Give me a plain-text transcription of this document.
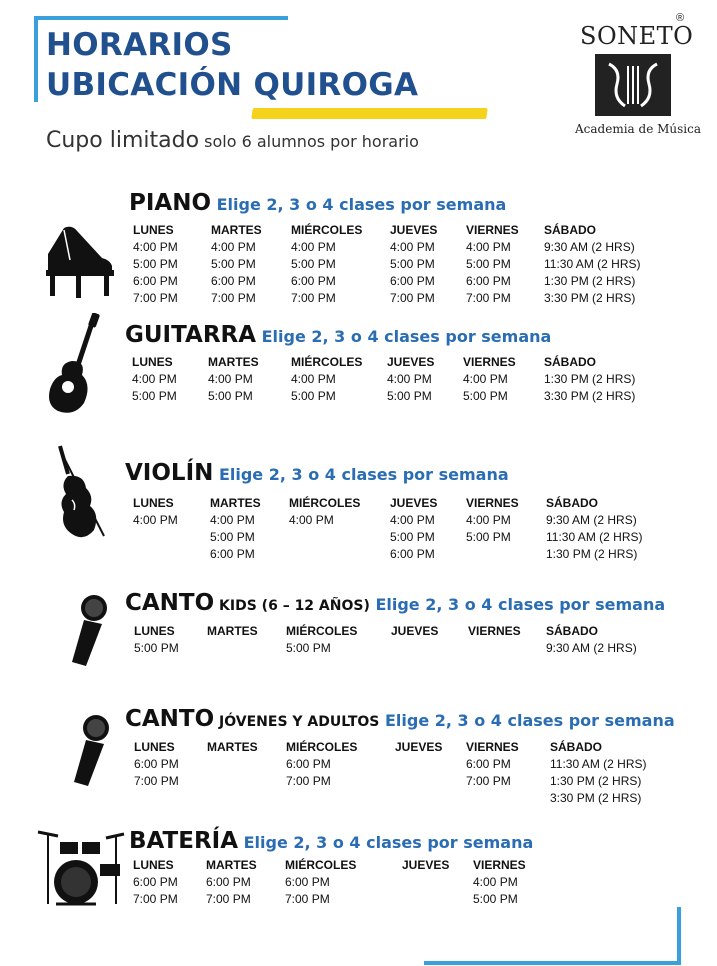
HORARIOS
UBICACIÓN QUIROGA
Cupo limitado solo 6 alumnos por horario
SONETO
®
Academia de Música
PIANO Elige 2, 3 o 4 clases por semana
LUNES
4:00 PM
5:00 PM
6:00 PM
7:00 PM
MARTES
4:00 PM
5:00 PM
6:00 PM
7:00 PM
MIÉRCOLES
4:00 PM
5:00 PM
6:00 PM
7:00 PM
JUEVES
4:00 PM
5:00 PM
6:00 PM
7:00 PM
VIERNES
4:00 PM
5:00 PM
6:00 PM
7:00 PM
SÁBADO
9:30 AM (2 HRS)
11:30 AM (2 HRS)
1:30 PM (2 HRS)
3:30 PM (2 HRS)
GUITARRA Elige 2, 3 o 4 clases por semana
LUNES
4:00 PM
5:00 PM
MARTES
4:00 PM
5:00 PM
MIÉRCOLES
4:00 PM
5:00 PM
JUEVES
4:00 PM
5:00 PM
VIERNES
4:00 PM
5:00 PM
SÁBADO
1:30 PM (2 HRS)
3:30 PM (2 HRS)
VIOLÍN Elige 2, 3 o 4 clases por semana
LUNES
4:00 PM
MARTES
4:00 PM
5:00 PM
6:00 PM
MIÉRCOLES
4:00 PM
JUEVES
4:00 PM
5:00 PM
6:00 PM
VIERNES
4:00 PM
5:00 PM
SÁBADO
9:30 AM (2 HRS)
11:30 AM (2 HRS)
1:30 PM (2 HRS)
CANTO KIDS (6 – 12 AÑOS) Elige 2, 3 o 4 clases por semana
LUNES
5:00 PM
MARTES MIÉRCOLES
5:00 PM
JUEVES VIERNES SÁBADO
9:30 AM (2 HRS)
CANTO JÓVENES Y ADULTOS Elige 2, 3 o 4 clases por semana
LUNES
6:00 PM
7:00 PM
MARTES MIÉRCOLES
6:00 PM
7:00 PM
JUEVES VIERNES
6:00 PM
7:00 PM
SÁBADO
11:30 AM (2 HRS)
1:30 PM (2 HRS)
3:30 PM (2 HRS)
BATERÍA Elige 2, 3 o 4 clases por semana
LUNES
6:00 PM
7:00 PM
MARTES
6:00 PM
7:00 PM
MIÉRCOLES
6:00 PM
7:00 PM
JUEVES VIERNES
4:00 PM
5:00 PM
